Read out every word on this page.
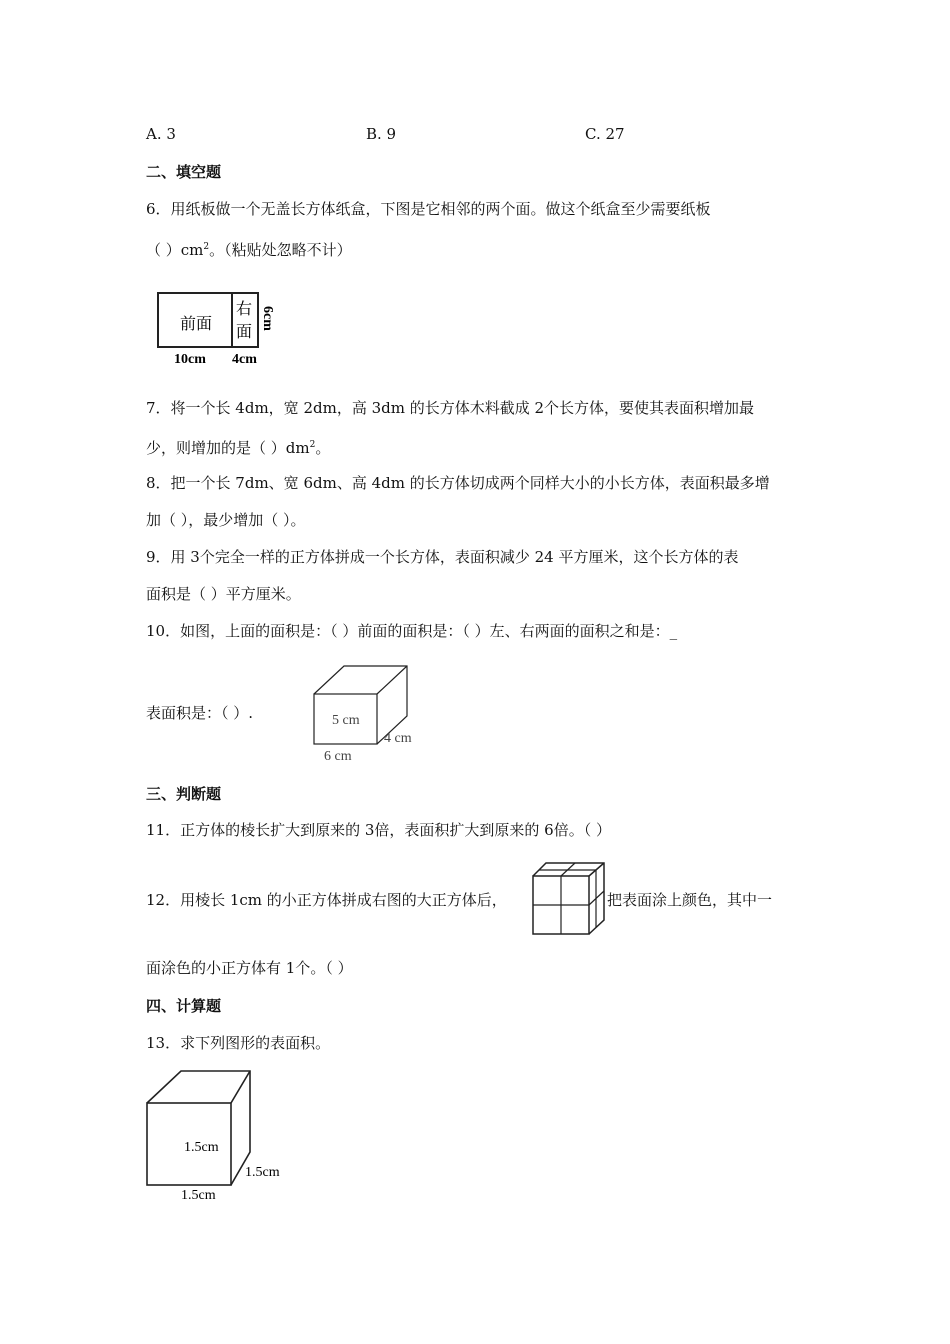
A. 3	B. 9	C. 27
二、填空题
6．用纸板做一个无盖长方体纸盒，下图是它相邻的两个面。做这个纸盒至少需要纸板
（ ）$cm^2$。（粘贴处忽略不计）
前面
右
面
6cm
10cm 4cm
7．将一个长 4dm，宽 2dm，高 3dm 的长方体木料截成 2个长方体，要使其表面积增加最
少，则增加的是（ ）$dm^2$。
8．把一个长 7dm、宽 6dm、高 4dm 的长方体切成两个同样大小的小长方体，表面积最多增
加（ ），最少增加（ ）。
9．用 3个完全一样的正方体拼成一个长方体，表面积减少 24 平方厘米，这个长方体的表
面积是（ ）平方厘米。
10．如图，上面的面积是：（ ）前面的面积是：（ ）左、右两面的面积之和是：_
表面积是：（ ）.	5 cm
4 cm
6 cm
三、判断题
11．正方体的棱长扩大到原来的 3倍，表面积扩大到原来的 6倍。（ ）
12．用棱长 1cm 的小正方体拼成右图的大正方体后，	把表面涂上颜色，其中一
面涂色的小正方体有 1个。（ ）
四、计算题
13．求下列图形的表面积。
1.5cm
1.5cm
1.5cm
